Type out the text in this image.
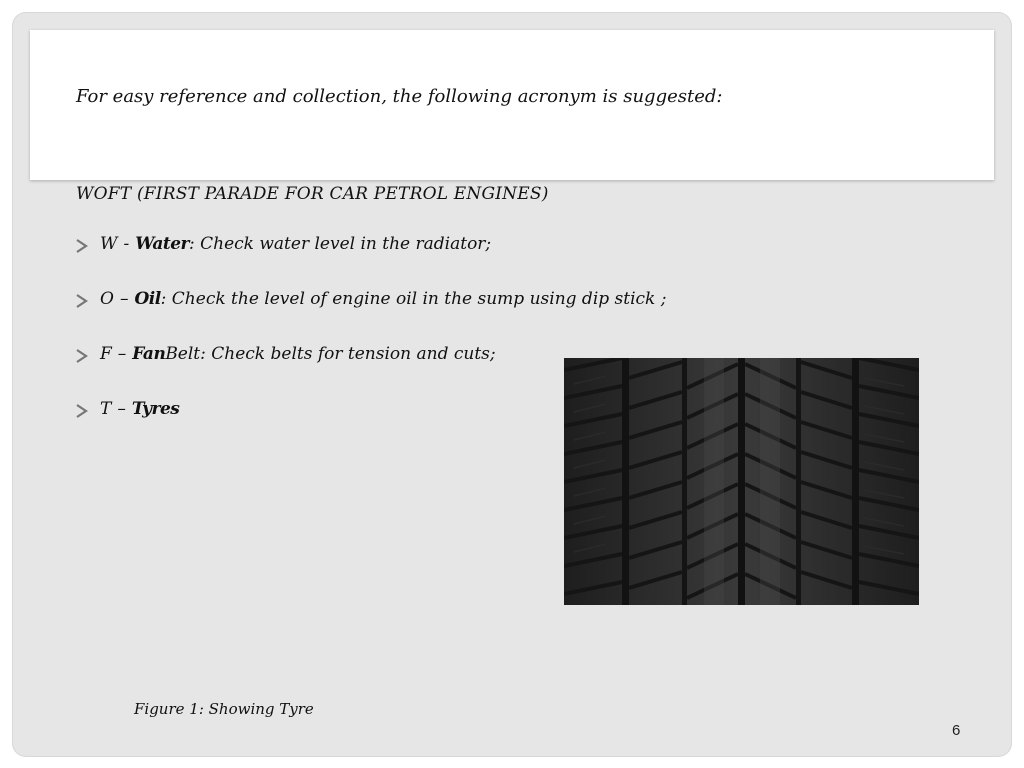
For easy reference and collection, the following acronym is suggested:

WOFT (FIRST PARADE FOR CAR PETROL ENGINES)

W - Water : Check water level in the radiator;
O – Oil : Check the level of engine oil in the sump using dip stick ;
F – Fan Belt: Check belts for tension and cuts;
T – Tyres

Figure 1: Showing Tyre

6
